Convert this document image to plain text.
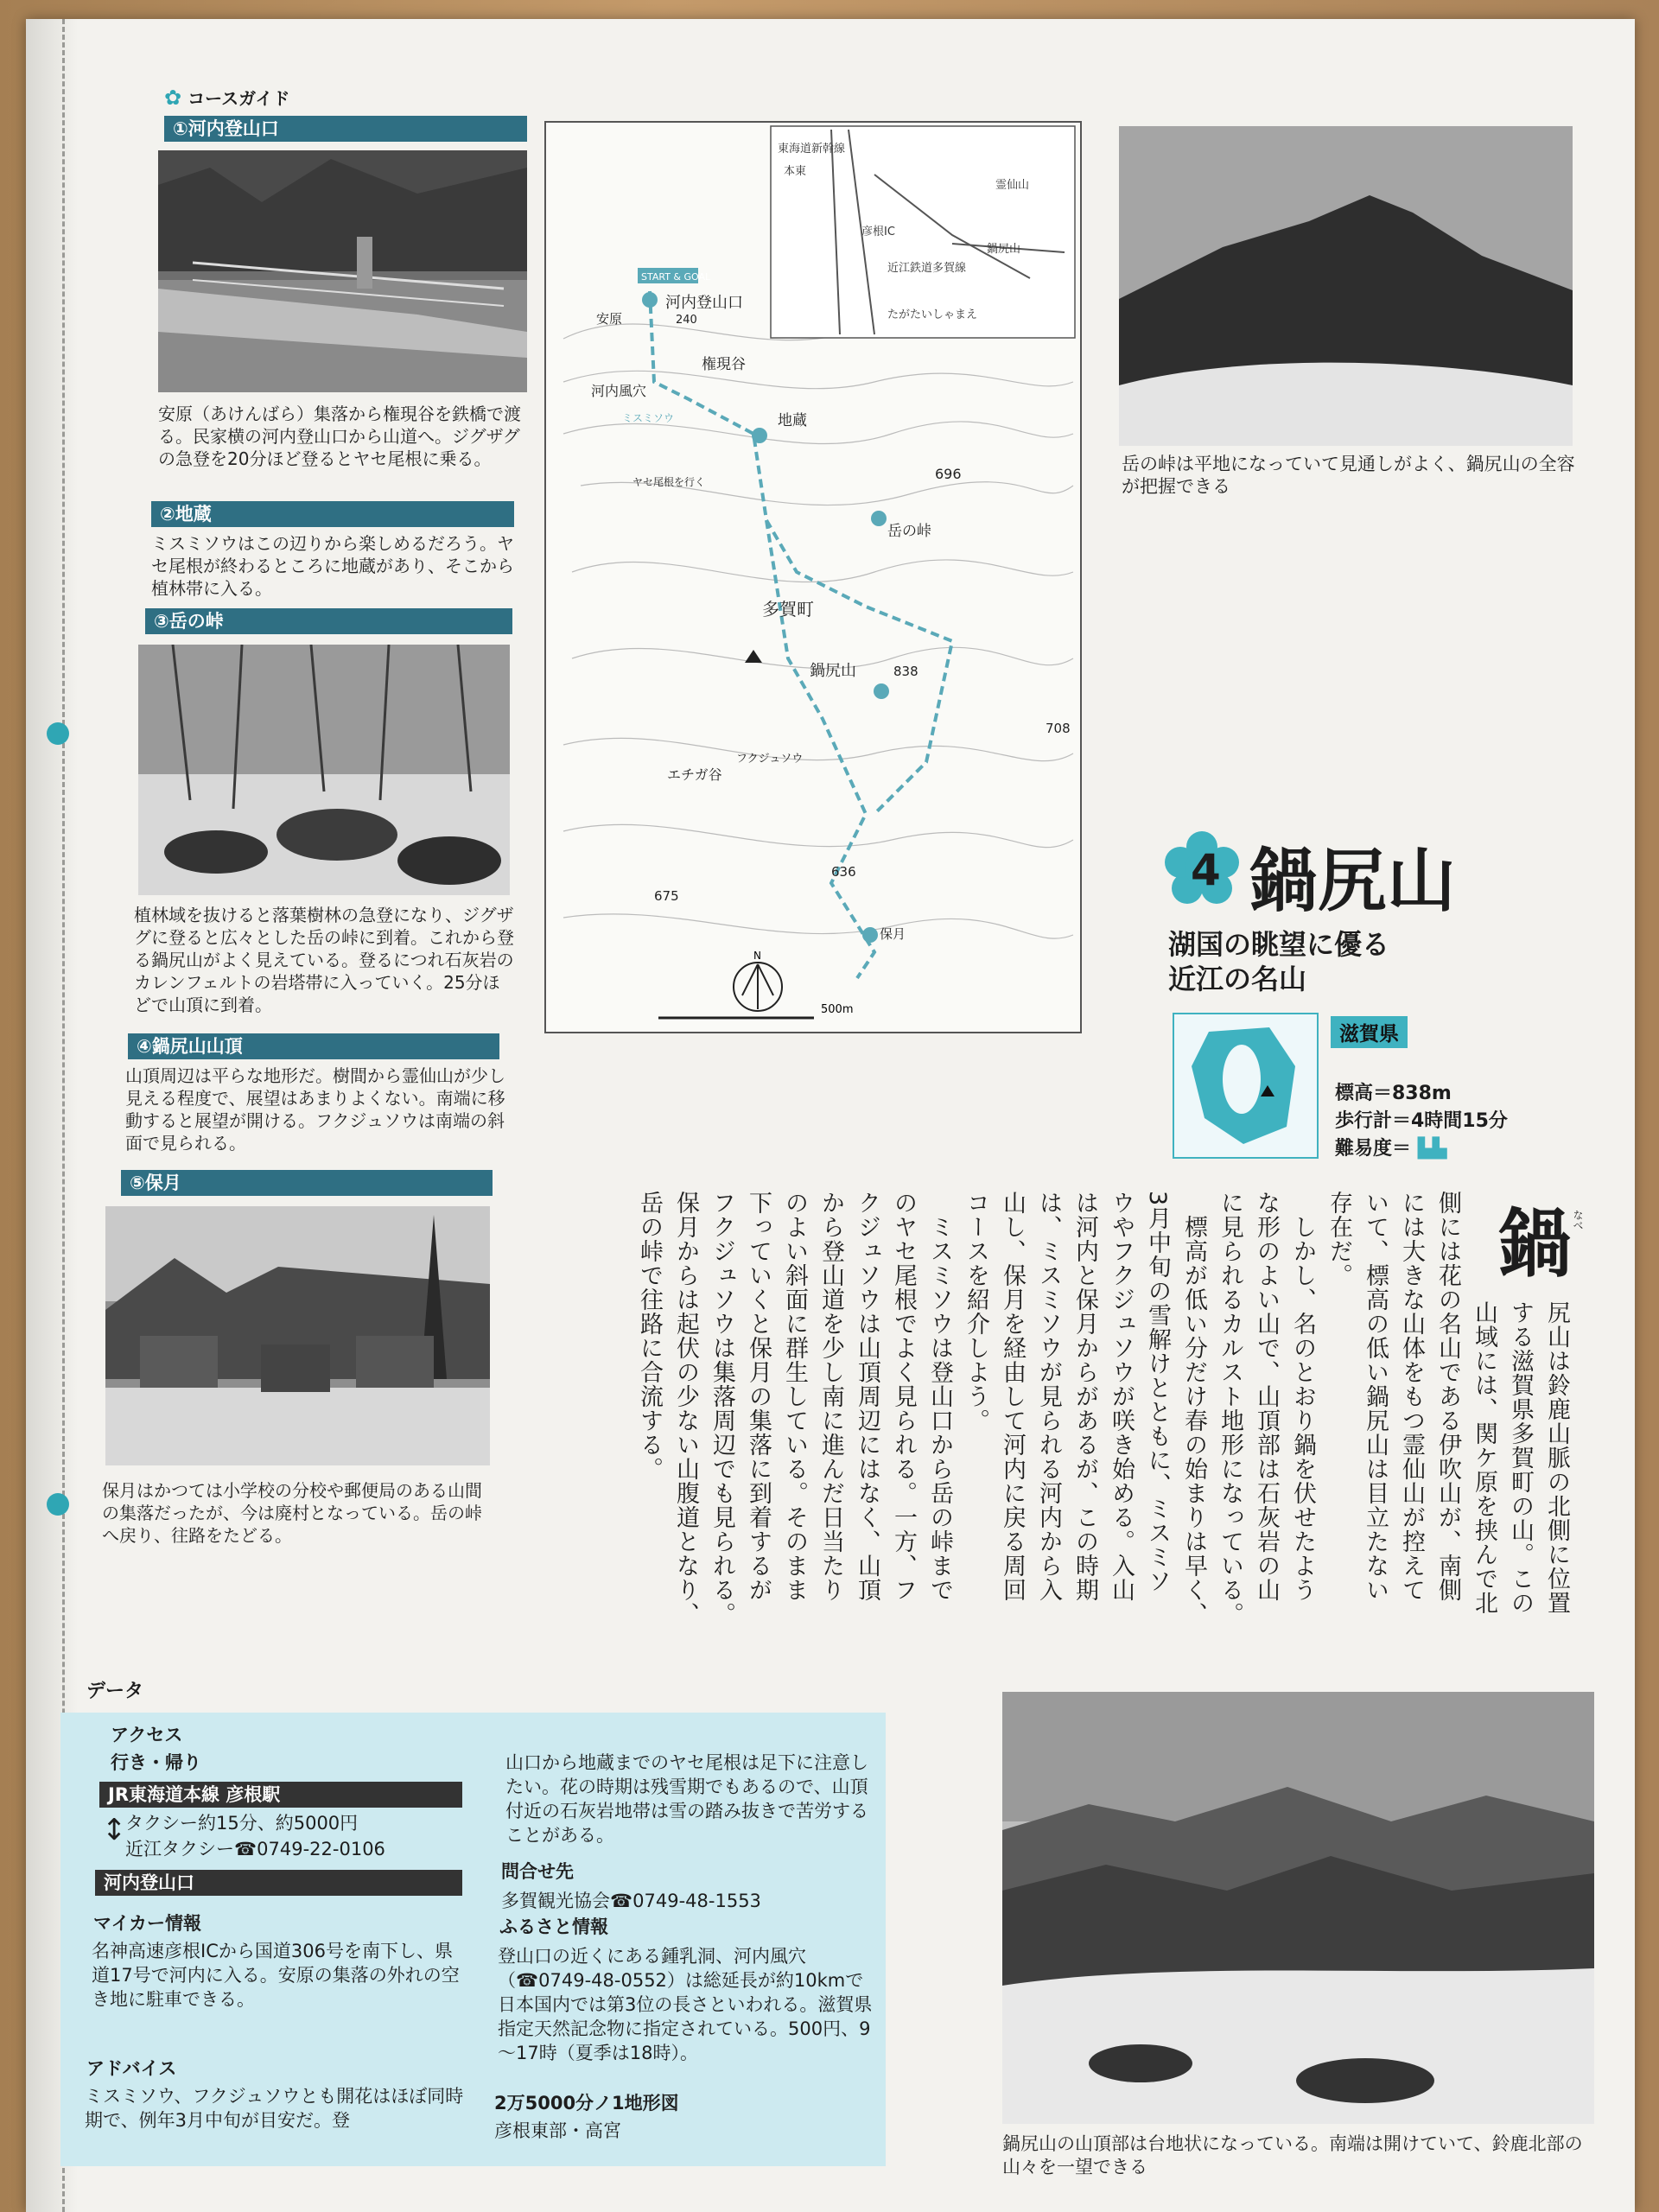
✿ コースガイド
①河内登山口
安原（あけんばら）集落から権現谷を鉄橋で渡る。民家横の河内登山口から山道へ。ジグザグの急登を20分ほど登るとヤセ尾根に乗る。
②地蔵
ミスミソウはこの辺りから楽しめるだろう。ヤセ尾根が終わるところに地蔵があり、そこから植林帯に入る。
③岳の峠
植林域を抜けると落葉樹林の急登になり、ジグザグに登ると広々とした岳の峠に到着。これから登る鍋尻山がよく見えている。登るにつれ石灰岩のカレンフェルトの岩塔帯に入っていく。25分ほどで山頂に到着。
④鍋尻山山頂
山頂周辺は平らな地形だ。樹間から霊仙山が少し見える程度で、展望はあまりよくない。南端に移動すると展望が開ける。フクジュソウは南端の斜面で見られる。
⑤保月
保月はかつては小学校の分校や郵便局のある山間の集落だったが、今は廃村となっている。岳の峠へ戻り、往路をたどる。
START & GOAL
河内登山口
240
安原
権現谷
河内風穴
ミスミソウ	地蔵
ヤセ尾根を行く
岳の峠
696
多賀町
鍋尻山	838
708
エチガ谷
フクジュソウ
636
675
保月
東海道新幹線
本東
霊仙山
鍋尻山
近江鉄道多賀線
たがたいしゃまえ
彦根IC
N
500m
岳の峠は平地になっていて見通しがよく、鍋尻山の全容が把握できる
4 鍋尻山
湖国の眺望に優る
近江の名山
滋賀県
標高＝838m
歩行計＝4時間15分
難易度＝ ▙▙
鍋 なべ
尻山は鈴鹿山脈の北側に位置
する滋賀県多賀町の山。この
山域には、関ケ原を挟んで北
側には花の名山である伊吹山が、南側
には大きな山体をもつ霊仙山が控えて
いて、標高の低い鍋尻山は目立たない
存在だ。
　しかし、名のとおり鍋を伏せたよう
な形のよい山で、山頂部は石灰岩の山
に見られるカルスト地形になっている。
　標高が低い分だけ春の始まりは早く、
3月中旬の雪解けとともに、ミスミソ
ウやフクジュソウが咲き始める。入山
は河内と保月からがあるが、この時期
は、ミスミソウが見られる河内から入
山し、保月を経由して河内に戻る周回
コースを紹介しよう。
　ミスミソウは登山口から岳の峠まで
のヤセ尾根でよく見られる。一方、フ
クジュソウは山頂周辺にはなく、山頂
から登山道を少し南に進んだ日当たり
のよい斜面に群生している。そのまま
下っていくと保月の集落に到着するが
フクジュソウは集落周辺でも見られる。
保月からは起伏の少ない山腹道となり、
岳の峠で往路に合流する。
データ
アクセス
行き・帰り
JR東海道本線 彦根駅
↕
タクシー約15分、約5000円
近江タクシー☎0749-22-0106
河内登山口
マイカー情報
名神高速彦根ICから国道306号を南下し、県道17号で河内に入る。安原の集落の外れの空き地に駐車できる。
アドバイス
ミスミソウ、フクジュソウとも開花はほぼ同時期で、例年3月中旬が目安だ。登
山口から地蔵までのヤセ尾根は足下に注意したい。花の時期は残雪期でもあるので、山頂付近の石灰岩地帯は雪の踏み抜きで苦労することがある。
問合せ先
多賀観光協会☎0749-48-1553
ふるさと情報
登山口の近くにある鍾乳洞、河内風穴（☎0749-48-0552）は総延長が約10kmで日本国内では第3位の長さといわれる。滋賀県指定天然記念物に指定されている。500円、9～17時（夏季は18時）。
2万5000分ノ1地形図
彦根東部・高宮
鍋尻山の山頂部は台地状になっている。南端は開けていて、鈴鹿北部の山々を一望できる
